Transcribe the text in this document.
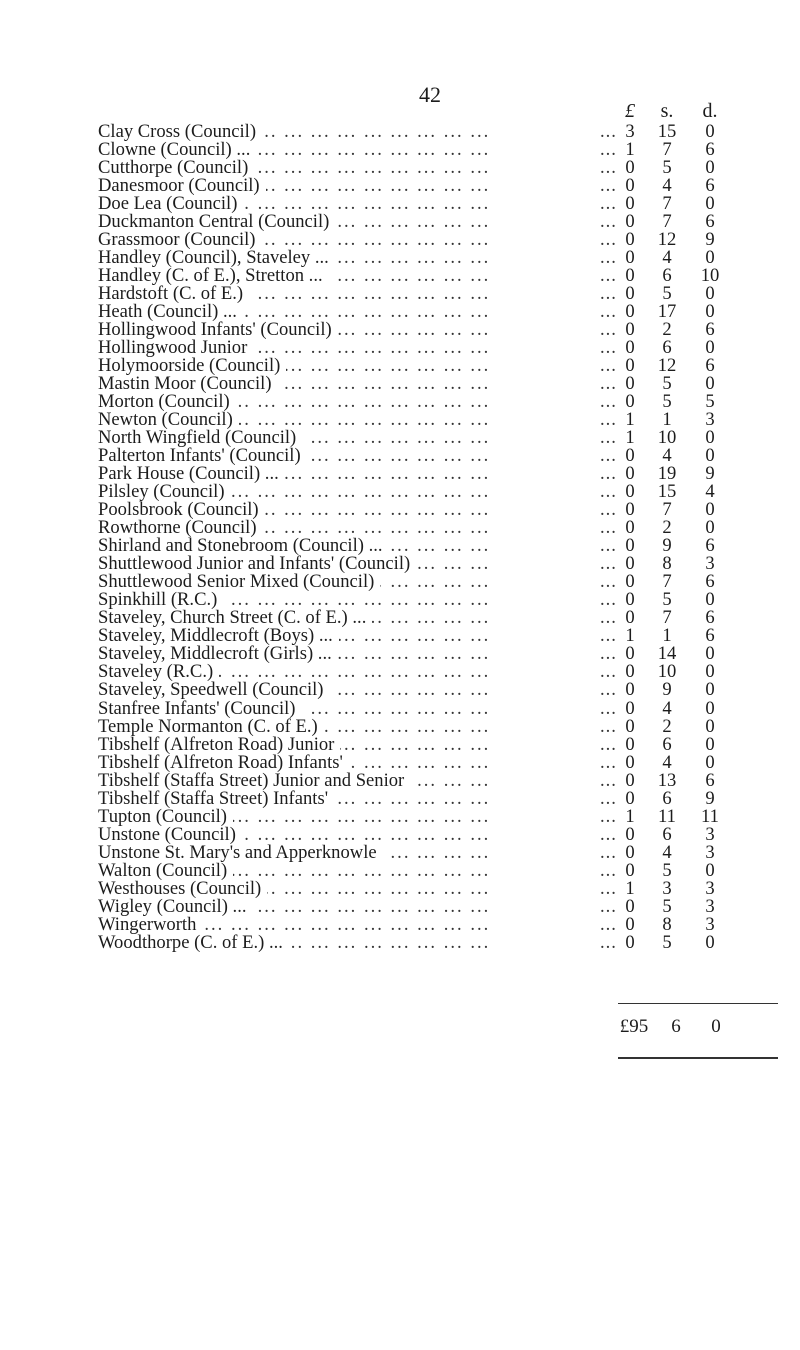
42
£	s.	d.
Clay Cross (Council) ... .	... 3	15	0
Clowne (Council) ... ... .	... 1	7	6
Cutthorpe (Council) ... .	... 0	5	0
Danesmoor (Council) ... .	... 0	4	6
Doe Lea (Council) ... .	... 0	7	0
Duckmanton Central (Council) ... .	... 0	7	6
Grassmoor (Council) ... .	... 0	12	9
Handley (Council), Staveley ... ... .	... 0	4	0
Handley (C. of E.), Stretton ... ... .	... 0	6	10
Hardstoft (C. of E.) ... .	... 0	5	0
Heath (Council) ... ... .	... 0	17	0
Hollingwood Infants' (Council) ... .	... 0	2	6
Hollingwood Junior ... .	... 0	6	0
Holymoorside (Council) ... .	... 0	12	6
Mastin Moor (Council) ... .	... 0	5	0
Morton (Council) ... .	... 0	5	5
Newton (Council) ... .	... 1	1	3
North Wingfield (Council) ... .	... 1	10	0
Palterton Infants' (Council) ... .	... 0	4	0
Park House (Council) ... ... .	... 0	19	9
Pilsley (Council) ... .	... 0	15	4
Poolsbrook (Council) ... .	... 0	7	0
Rowthorne (Council) ... .	... 0	2	0
Shirland and Stonebroom (Council) ... ... .	... 0	9	6
Shuttlewood Junior and Infants' (Council) ... .	... 0	8	3
Shuttlewood Senior Mixed (Council) ... .	... 0	7	6
Spinkhill (R.C.) ... .	... 0	5	0
Staveley, Church Street (C. of E.) ... ... .	... 0	7	6
Staveley, Middlecroft (Boys) ... ... .	... 1	1	6
Staveley, Middlecroft (Girls) ... ... .	... 0	14	0
Staveley (R.C.) ... .	... 0	10	0
Staveley, Speedwell (Council) ... .	... 0	9	0
Stanfree Infants' (Council) ... .	... 0	4	0
Temple Normanton (C. of E.) ... .	... 0	2	0
Tibshelf (Alfreton Road) Junior ... .	... 0	6	0
Tibshelf (Alfreton Road) Infants' ... .	... 0	4	0
Tibshelf (Staffa Street) Junior and Senior ... .	... 0	13	6
Tibshelf (Staffa Street) Infants' ... .	... 0	6	9
Tupton (Council) ... .	... 1	11	11
Unstone (Council) ... .	... 0	6	3
Unstone St. Mary's and Apperknowle ... .	... 0	4	3
Walton (Council) ... .	... 0	5	0
Westhouses (Council) ... .	... 1	3	3
Wigley (Council) ... ... .	... 0	5	3
Wingerworth ... .	... 0	8	3
Woodthorpe (C. of E.) ... ... .	... 0	5	0
£95	6 0
